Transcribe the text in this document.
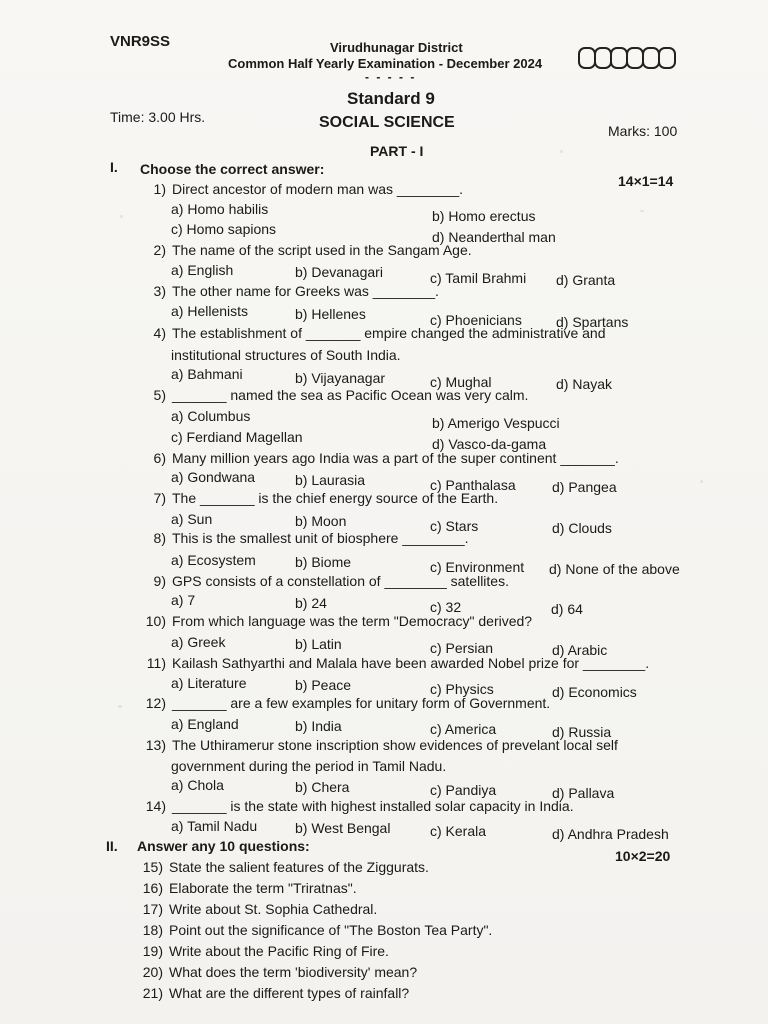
VNR9SS	Virudhunagar District
Common Half Yearly Examination - December 2024
- - - - -
Standard 9
Time: 3.00 Hrs.	SOCIAL SCIENCE	Marks: 100
PART - I
I. Choose the correct answer:
14×1=14
1) Direct ancestor of modern man was ________.
a) Homo habilis	b) Homo erectus
c) Homo sapions	d) Neanderthal man
2) The name of the script used in the Sangam Age.
a) English	b) Devanagari	c) Tamil Brahmi d) Granta
3) The other name for Greeks was ________.
a) Hellenists	b) Hellenes	c) Phoenicians d) Spartans
4) The establishment of _______ empire changed the administrative and
institutional structures of South India.
a) Bahmani	b) Vijayanagar	c) Mughal	d) Nayak
5) _______ named the sea as Pacific Ocean was very calm.
a) Columbus	b) Amerigo Vespucci
c) Ferdiand Magellan	d) Vasco-da-gama
6) Many million years ago India was a part of the super continent _______.
a) Gondwana	b) Laurasia	c) Panthalasa	d) Pangea
7) The _______ is the chief energy source of the Earth.
a) Sun	b) Moon	c) Stars	d) Clouds
8) This is the smallest unit of biosphere ________.
a) Ecosystem	b) Biome	c) Environment d) None of the above
9) GPS consists of a constellation of ________ satellites.
a) 7	b) 24	c) 32	d) 64
10) From which language was the term "Democracy" derived?
a) Greek	b) Latin	c) Persian	d) Arabic
11) Kailash Sathyarthi and Malala have been awarded Nobel prize for ________.
a) Literature	b) Peace	c) Physics	d) Economics
12) _______ are a few examples for unitary form of Government.
a) England	b) India	c) America	d) Russia
13) The Uthiramerur stone inscription show evidences of prevelant local self
government during the period in Tamil Nadu.
a) Chola	b) Chera	c) Pandiya	d) Pallava
14) _______ is the state with highest installed solar capacity in India.
a) Tamil Nadu	b) West Bengal	c) Kerala	d) Andhra Pradesh
II. Answer any 10 questions:
10×2=20
15) State the salient features of the Ziggurats.
16) Elaborate the term "Triratnas".
17) Write about St. Sophia Cathedral.
18) Point out the significance of "The Boston Tea Party".
19) Write about the Pacific Ring of Fire.
20) What does the term 'biodiversity' mean?
21) What are the different types of rainfall?
